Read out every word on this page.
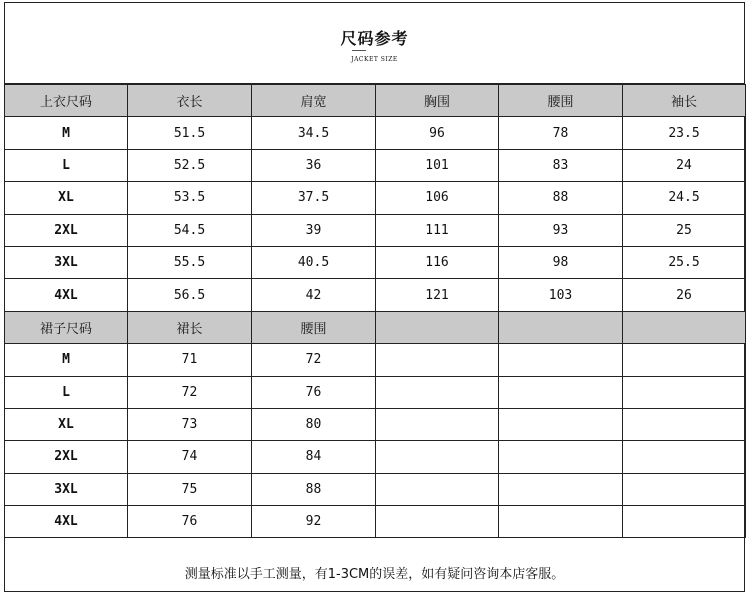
尺码参考
JACKET SIZE
上衣尺码	衣长	肩宽	胸围	腰围	袖长
M	51.5	34.5	96	78	23.5
L	52.5	36	101	83	24
XL	53.5	37.5	106	88	24.5
2XL	54.5	39	111	93	25
3XL	55.5	40.5	116	98	25.5
4XL	56.5	42	121	103	26
裙子尺码	裙长	腰围			
M	71	72			
L	72	76			
XL	73	80			
2XL	74	84			
3XL	75	88			
4XL	76	92			
测量标准以手工测量，有1-3CM的误差，如有疑问咨询本店客服。
